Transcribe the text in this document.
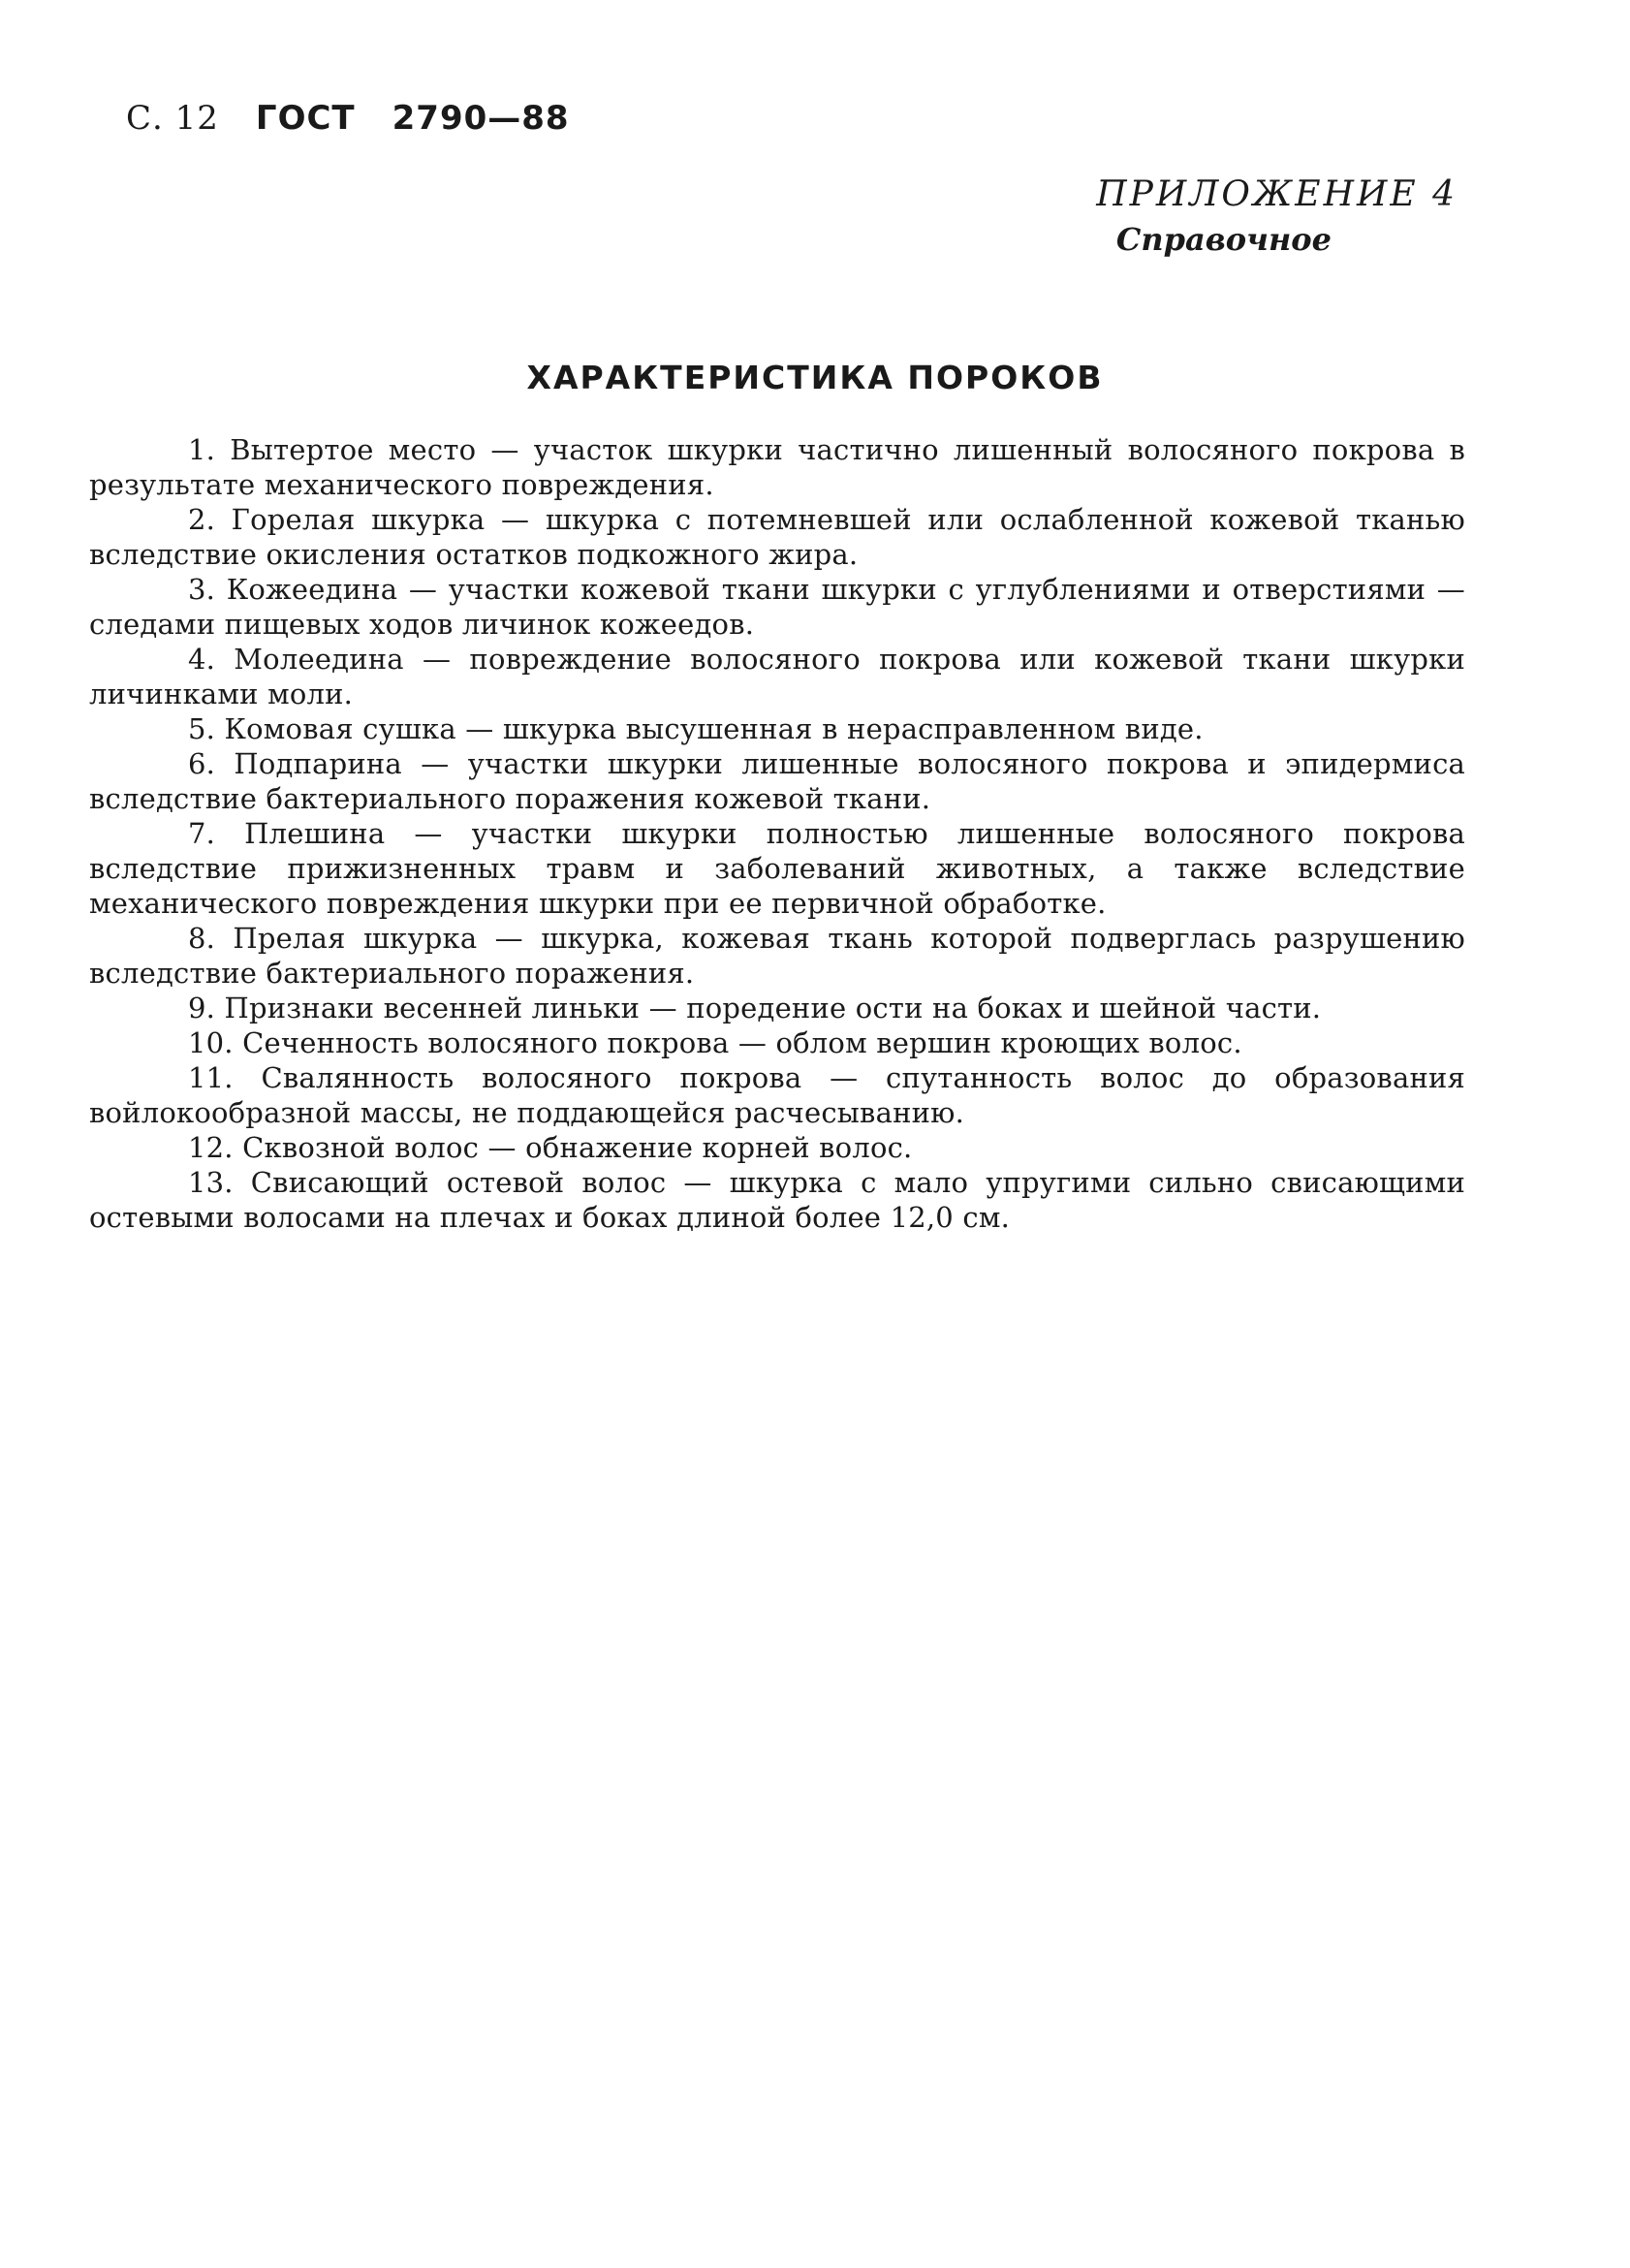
С. 12 ГОСТ 2790—88
ПРИЛОЖЕНИЕ 4
Справочное
ХАРАКТЕРИСТИКА ПОРОКОВ
1. Вытертое место — участок шкурки частично лишенный волосяного покрова в результате механического повреждения.
2. Горелая шкурка — шкурка с потемневшей или ослабленной кожевой тканью вследствие окисления остатков подкожного жира.
3. Кожеедина — участки кожевой ткани шкурки с углублениями и отверстиями — следами пищевых ходов личинок кожеедов.
4. Молеедина — повреждение волосяного покрова или кожевой ткани шкурки личинками моли.
5. Комовая сушка — шкурка высушенная в нерасправленном виде.
6. Подпарина — участки шкурки лишенные волосяного покрова и эпидермиса вследствие бактериального поражения кожевой ткани.
7. Плешина — участки шкурки полностью лишенные волосяного покрова вследствие прижизненных травм и заболеваний животных, а также вследствие механического повреждения шкурки при ее первичной обработке.
8. Прелая шкурка — шкурка, кожевая ткань которой подверглась разрушению вследствие бактериального поражения.
9. Признаки весенней линьки — поредение ости на боках и шейной части.
10. Сеченность волосяного покрова — облом вершин кроющих волос.
11. Свалянность волосяного покрова — спутанность волос до образования войлокообразной массы, не поддающейся расчесыванию.
12. Сквозной волос — обнажение корней волос.
13. Свисающий остевой волос — шкурка с мало упругими сильно свисающими остевыми волосами на плечах и боках длиной более 12,0 см.
